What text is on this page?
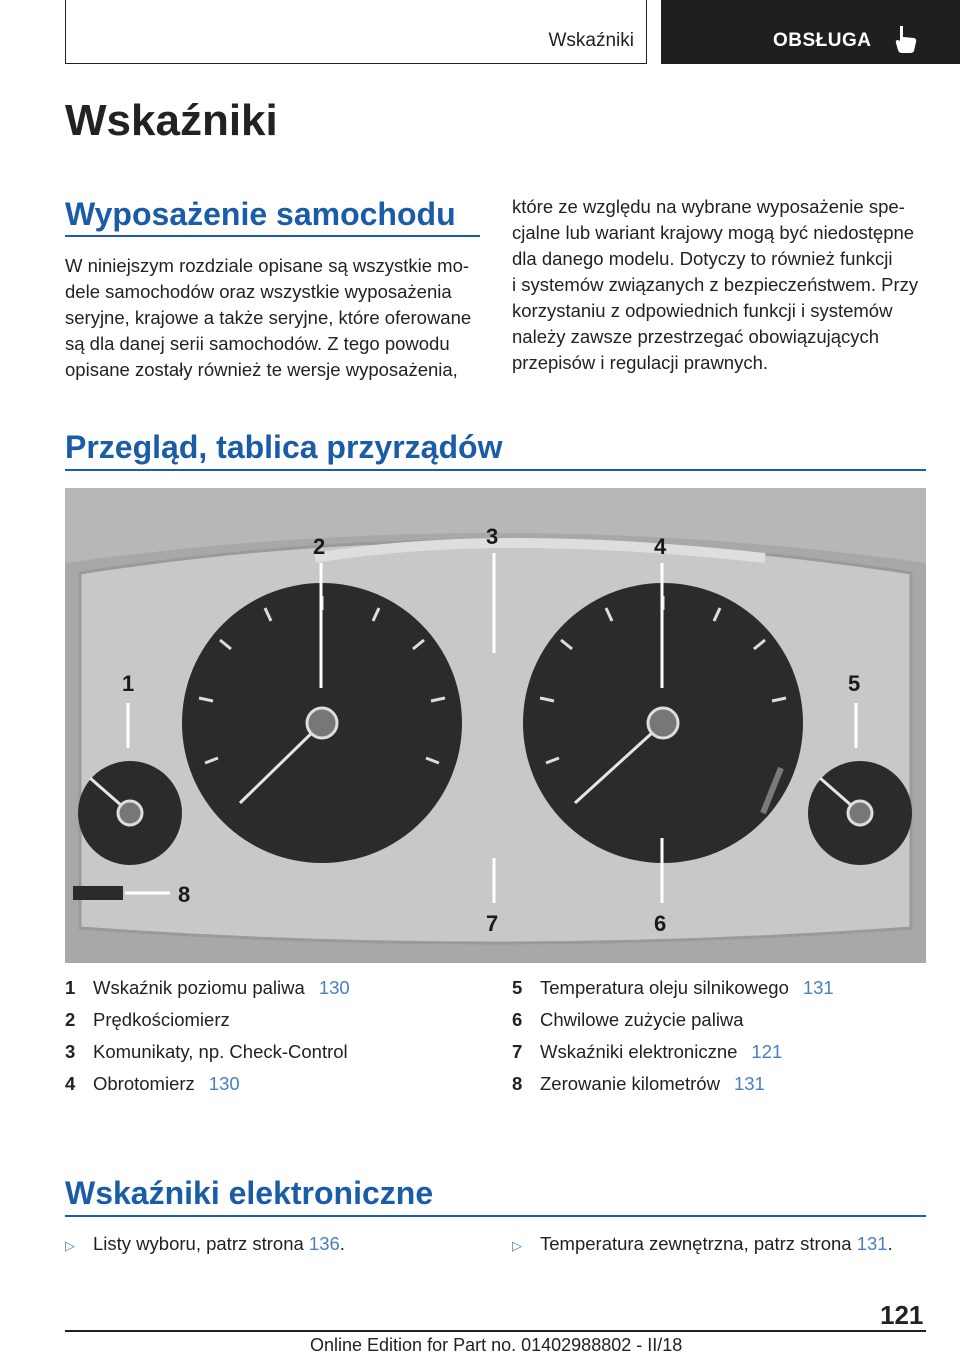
Wskaźniki	OBSŁUGA
Wskaźniki
Wyposażenie samochodu
W niniejszym rozdziale opisane są wszystkie mo-
dele samochodów oraz wszystkie wyposażenia
seryjne, krajowe a także seryjne, które oferowane
są dla danej serii samochodów. Z tego powodu
opisane zostały również te wersje wyposażenia,
które ze względu na wybrane wyposażenie spe-
cjalne lub wariant krajowy mogą być niedostępne
dla danego modelu. Dotyczy to również funkcji
i systemów związanych z bezpieczeństwem. Przy
korzystaniu z odpowiednich funkcji i systemów
należy zawsze przestrzegać obowiązujących
przepisów i regulacji prawnych.
Przegląd, tablica przyrządów
2	3	4
1	5
7	6
8
1 Wskaźnik poziomu paliwa 130
2 Prędkościomierz
3 Komunikaty, np. Check-Control
4 Obrotomierz 130
5 Temperatura oleju silnikowego 131
6 Chwilowe zużycie paliwa
7 Wskaźniki elektroniczne 121
8 Zerowanie kilometrów 131
Wskaźniki elektroniczne
▷ Listy wyboru, patrz strona 136.	▷ Temperatura zewnętrzna, patrz strona 131.
121
Online Edition for Part no. 01402988802 - II/18
